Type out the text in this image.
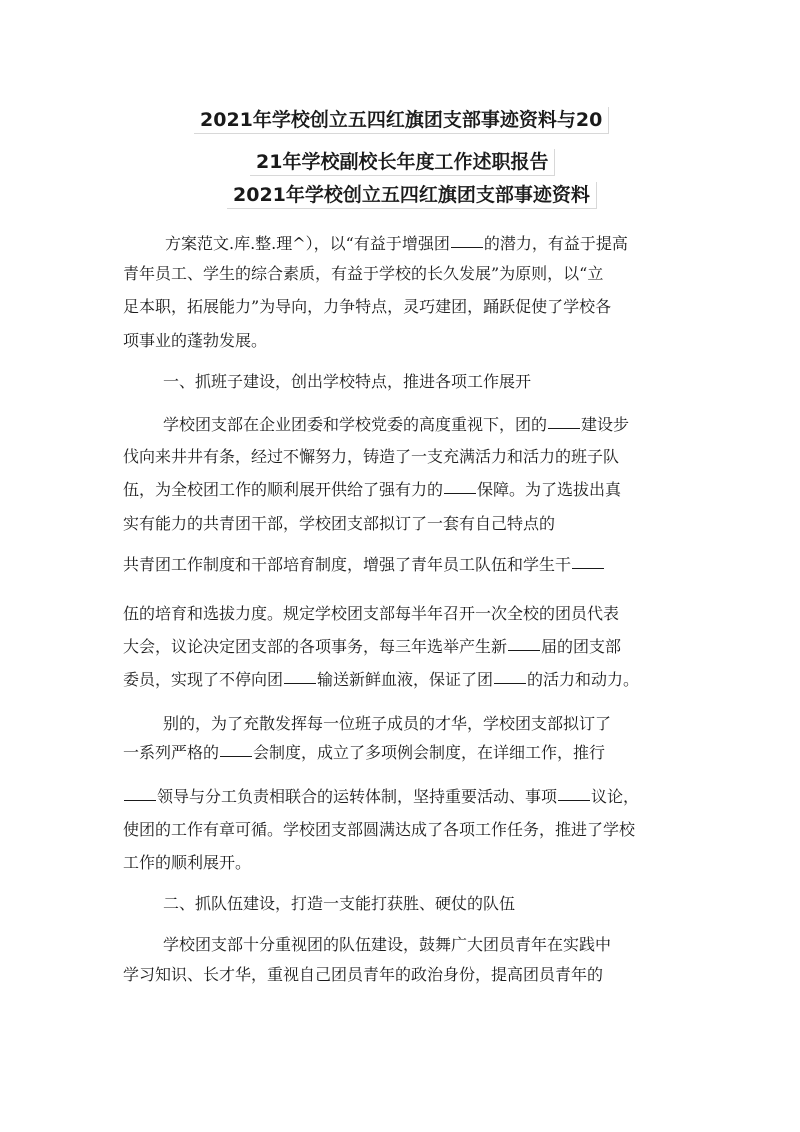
2021年学校创立五四红旗团支部事迹资料与20
21年学校副校长年度工作述职报告
2021年学校创立五四红旗团支部事迹资料
方案范文.库.整.理^），以“有益于增强团 的潜力，有益于提高
青年员工、学生的综合素质，有益于学校的长久发展”为原则，以“立
足本职，拓展能力”为导向，力争特点，灵巧建团，踊跃促使了学校各
项事业的蓬勃发展。
一、抓班子建设，创出学校特点，推进各项工作展开
学校团支部在企业团委和学校党委的高度重视下，团的 建设步
伐向来井井有条，经过不懈努力，铸造了一支充满活力和活力的班子队
伍，为全校团工作的顺利展开供给了强有力的 保障。为了选拔出真
实有能力的共青团干部，学校团支部拟订了一套有自己特点的
共青团工作制度和干部培育制度，增强了青年员工队伍和学生干
伍的培育和选拔力度。规定学校团支部每半年召开一次全校的团员代表
大会，议论决定团支部的各项事务，每三年选举产生新 届的团支部
委员，实现了不停向团 输送新鲜血液，保证了团 的活力和动力。
别的，为了充散发挥每一位班子成员的才华，学校团支部拟订了
一系列严格的 会制度，成立了多项例会制度，在详细工作，推行
领导与分工负责相联合的运转体制，坚持重要活动、事项 议论，
使团的工作有章可循。学校团支部圆满达成了各项工作任务，推进了学校
工作的顺利展开。
二、抓队伍建设，打造一支能打获胜、硬仗的队伍
学校团支部十分重视团的队伍建设，鼓舞广大团员青年在实践中
学习知识、长才华，重视自己团员青年的政治身份，提高团员青年的
